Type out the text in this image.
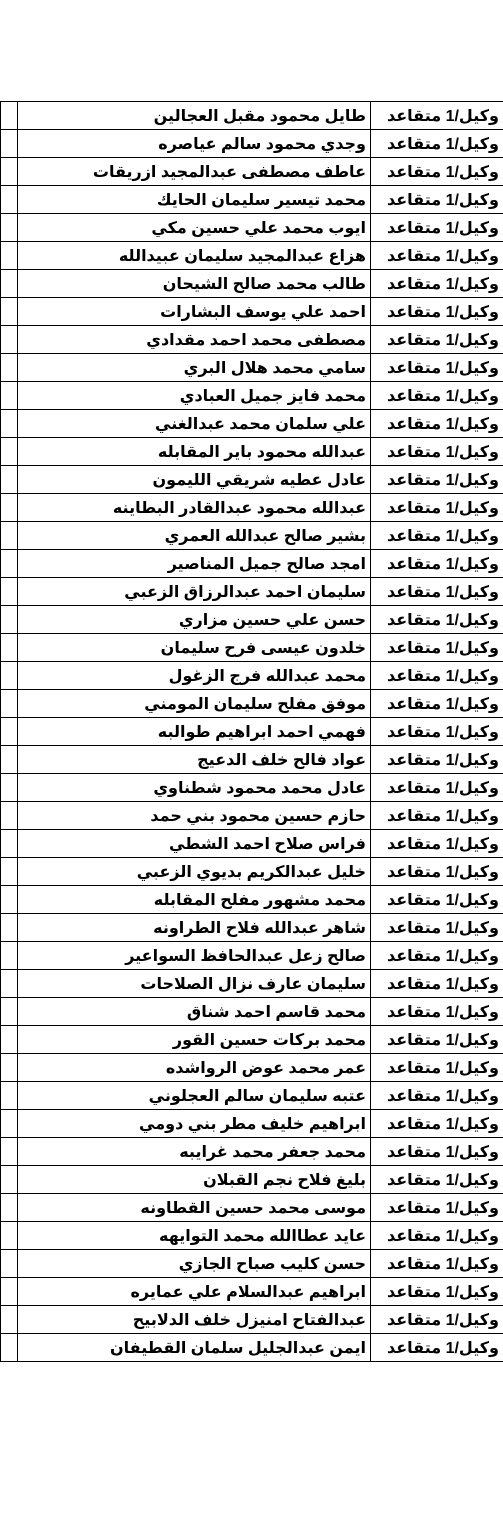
وكيل/1 متقاعد	طايل محمود مقبل العجالين	
وكيل/1 متقاعد	وجدي محمود سالم عياصره	
وكيل/1 متقاعد	عاطف مصطفى عبدالمجيد ازريقات	
وكيل/1 متقاعد	محمد تيسير سليمان الحايك	
وكيل/1 متقاعد	ايوب محمد علي حسين مكي	
وكيل/1 متقاعد	هزاع عبدالمجيد سليمان عبيدالله	
وكيل/1 متقاعد	طالب محمد صالح الشيحان	
وكيل/1 متقاعد	احمد علي يوسف البشارات	
وكيل/1 متقاعد	مصطفى محمد احمد مقدادي	
وكيل/1 متقاعد	سامي محمد هلال البري	
وكيل/1 متقاعد	محمد فايز جميل العبادي	
وكيل/1 متقاعد	علي سلمان محمد عبدالغني	
وكيل/1 متقاعد	عبدالله محمود باير المقابله	
وكيل/1 متقاعد	عادل عطيه شريقي الليمون	
وكيل/1 متقاعد	عبدالله محمود عبدالقادر البطاينه	
وكيل/1 متقاعد	بشير صالح عبدالله العمري	
وكيل/1 متقاعد	امجد صالح جميل المناصير	
وكيل/1 متقاعد	سليمان احمد عبدالرزاق الزعبي	
وكيل/1 متقاعد	حسن علي حسين مزاري	
وكيل/1 متقاعد	خلدون عيسى فرح سليمان	
وكيل/1 متقاعد	محمد عبدالله فرج الزغول	
وكيل/1 متقاعد	موفق مفلح سليمان المومني	
وكيل/1 متقاعد	فهمي احمد ابراهيم طوالبه	
وكيل/1 متقاعد	عواد فالح خلف الدعيج	
وكيل/1 متقاعد	عادل محمد محمود شطناوي	
وكيل/1 متقاعد	حازم حسين محمود بني حمد	
وكيل/1 متقاعد	فراس صلاح احمد الشطي	
وكيل/1 متقاعد	خليل عبدالكريم بديوي الزعبي	
وكيل/1 متقاعد	محمد مشهور مفلح المقابله	
وكيل/1 متقاعد	شاهر عبدالله فلاح الطراونه	
وكيل/1 متقاعد	صالح زعل عبدالحافظ السواعير	
وكيل/1 متقاعد	سليمان عارف نزال الصلاحات	
وكيل/1 متقاعد	محمد قاسم احمد شناق	
وكيل/1 متقاعد	محمد بركات حسين القور	
وكيل/1 متقاعد	عمر محمد عوض الرواشده	
وكيل/1 متقاعد	عتبه سليمان سالم العجلوني	
وكيل/1 متقاعد	ابراهيم خليف مطر بني دومي	
وكيل/1 متقاعد	محمد جعفر محمد غرايبه	
وكيل/1 متقاعد	بليغ فلاح نجم القبلان	
وكيل/1 متقاعد	موسى محمد حسين القطاونه	
وكيل/1 متقاعد	عايد عطاالله محمد التوايهه	
وكيل/1 متقاعد	حسن كليب صباح الجازي	
وكيل/1 متقاعد	ابراهيم عبدالسلام علي عمايره	
وكيل/1 متقاعد	عبدالفتاح امنيزل خلف الدلابيح	
وكيل/1 متقاعد	ايمن عبدالجليل سلمان القطيفان	
